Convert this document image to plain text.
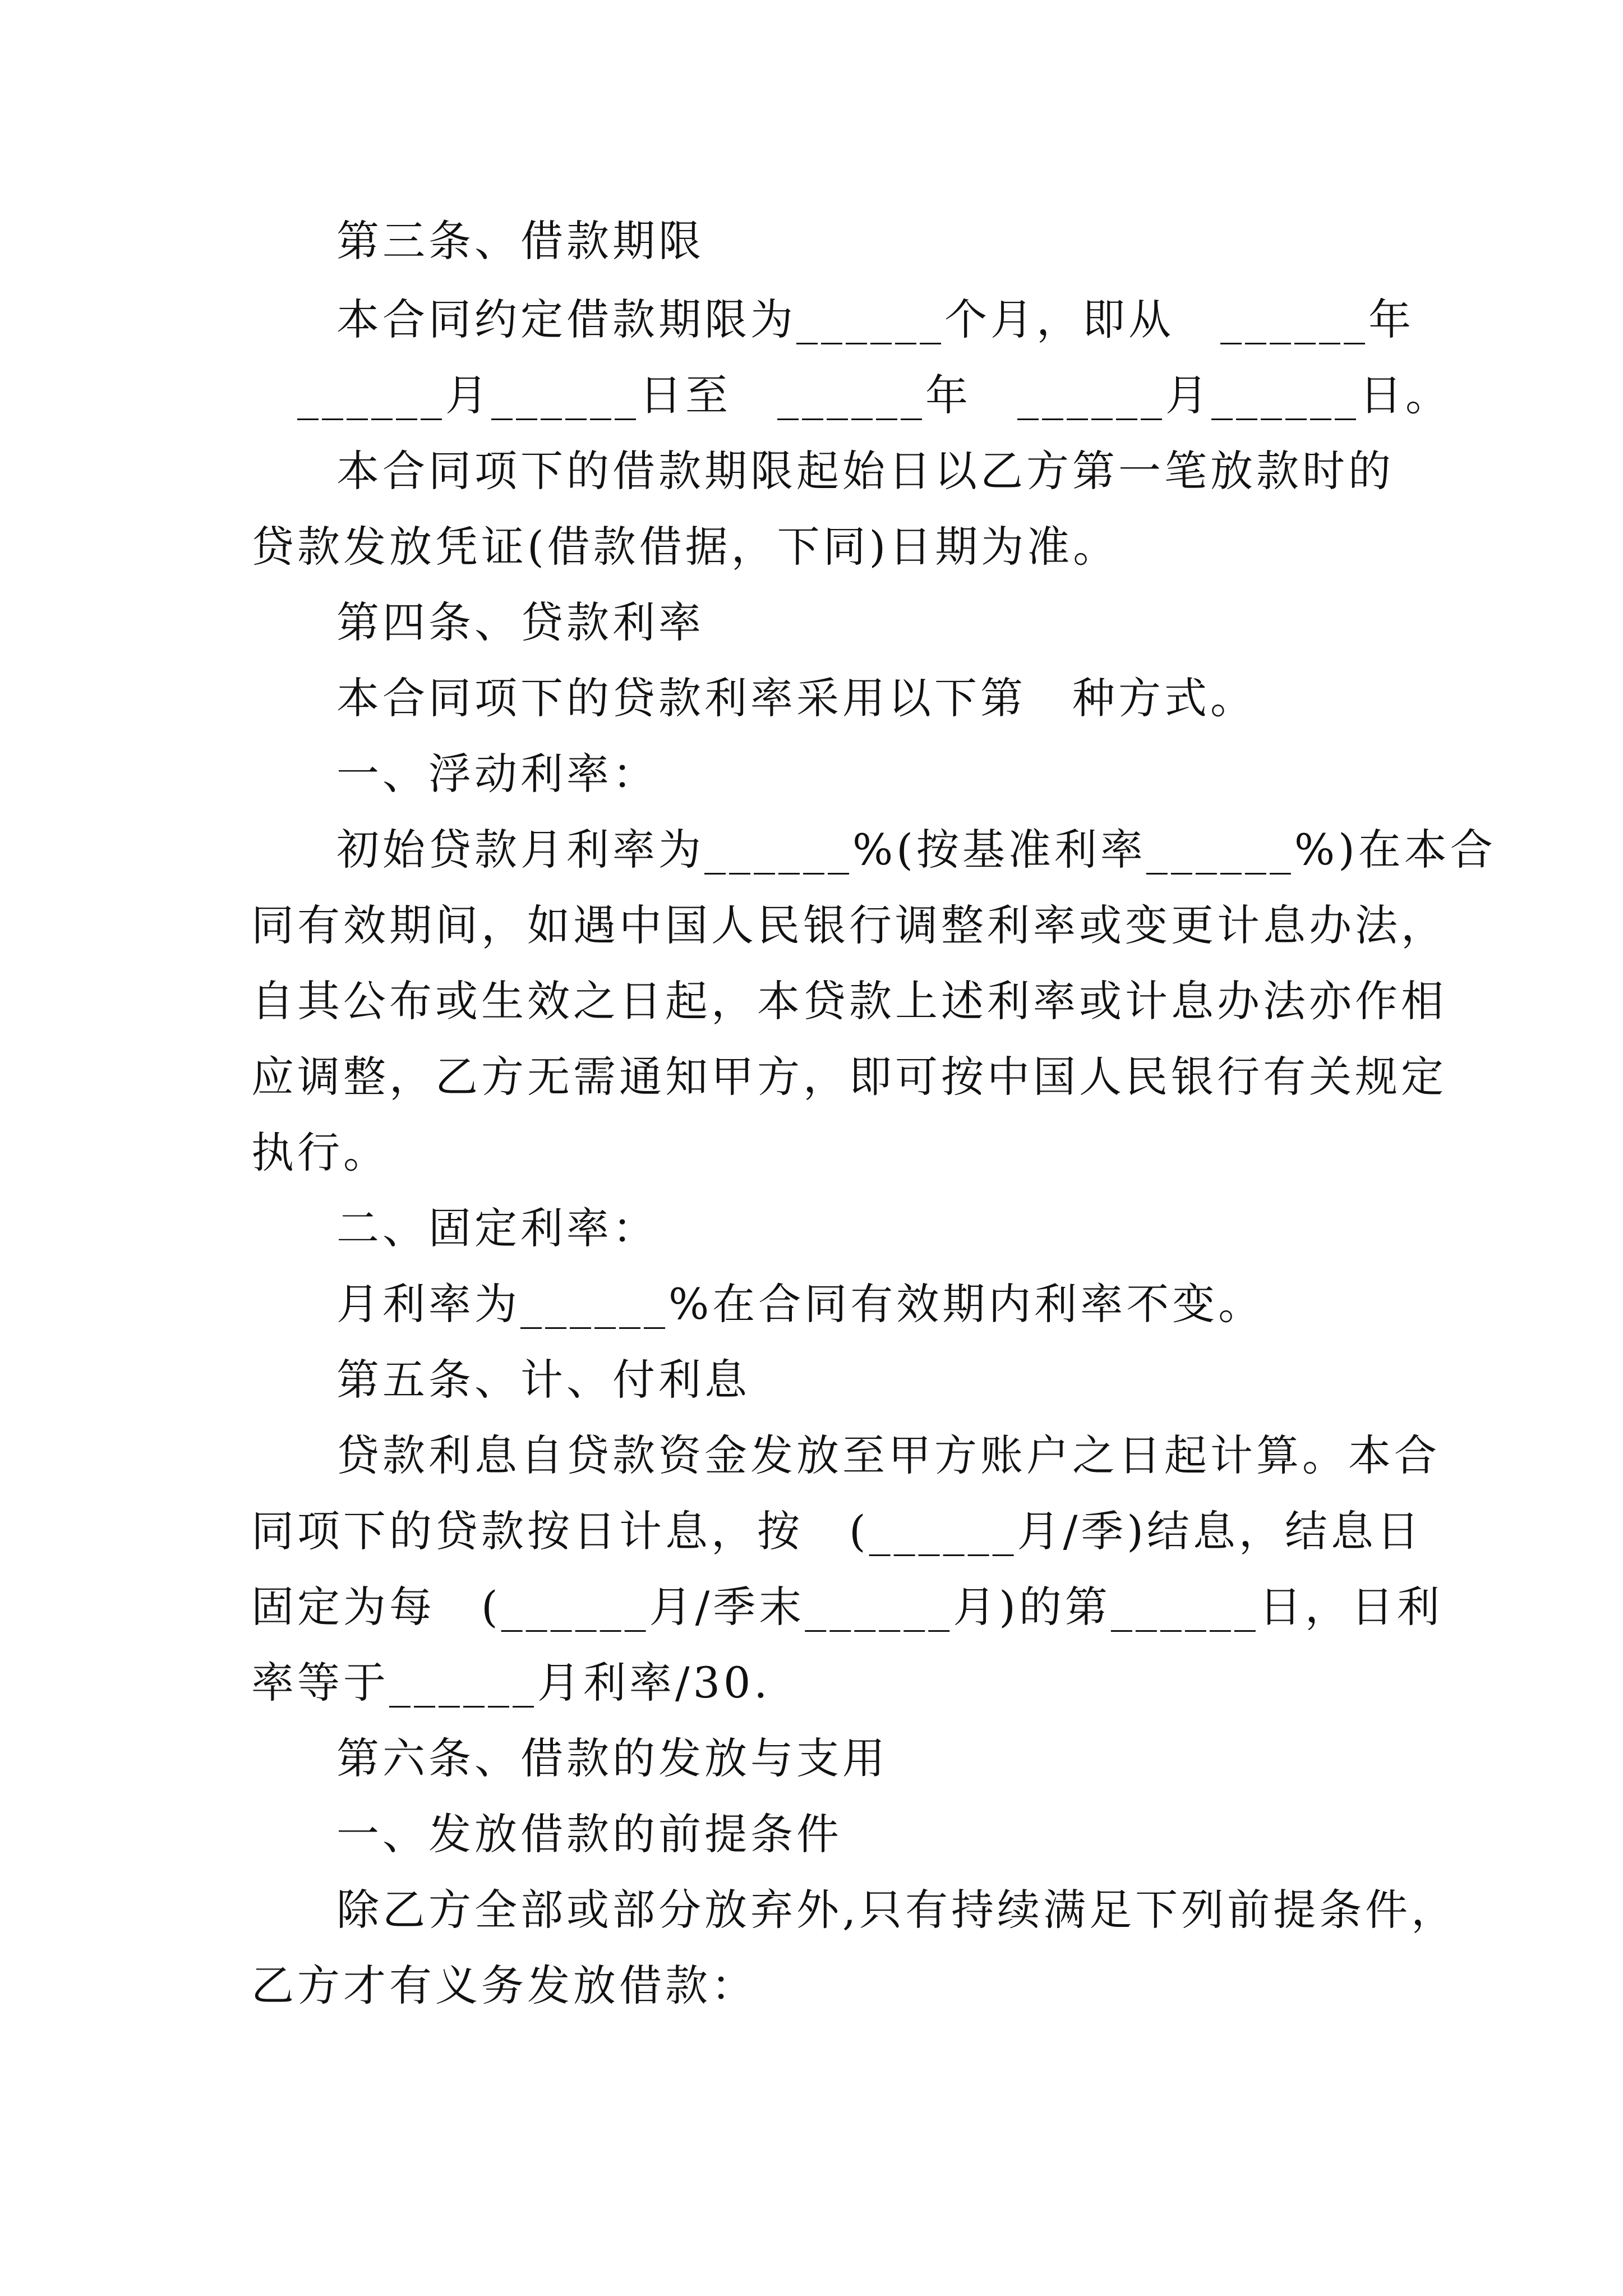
第三条、借款期限
本合同约定借款期限为______个月，即从　______年
　______月______日至　______年　______月______日。
本合同项下的借款期限起始日以乙方第一笔放款时的
贷款发放凭证(借款借据，下同)日期为准。
第四条、贷款利率
本合同项下的贷款利率采用以下第　种方式。
一、浮动利率：
初始贷款月利率为______%(按基准利率______%)在本合
同有效期间，如遇中国人民银行调整利率或变更计息办法，
自其公布或生效之日起，本贷款上述利率或计息办法亦作相
应调整，乙方无需通知甲方，即可按中国人民银行有关规定
执行。
二、固定利率：
月利率为______%在合同有效期内利率不变。
第五条、计、付利息
贷款利息自贷款资金发放至甲方账户之日起计算。本合
同项下的贷款按日计息，按　(______月/季)结息，结息日
固定为每　(______月/季末______月)的第______日，日利
率等于______月利率/30.
第六条、借款的发放与支用
一、发放借款的前提条件
除乙方全部或部分放弃外,只有持续满足下列前提条件，
乙方才有义务发放借款：
